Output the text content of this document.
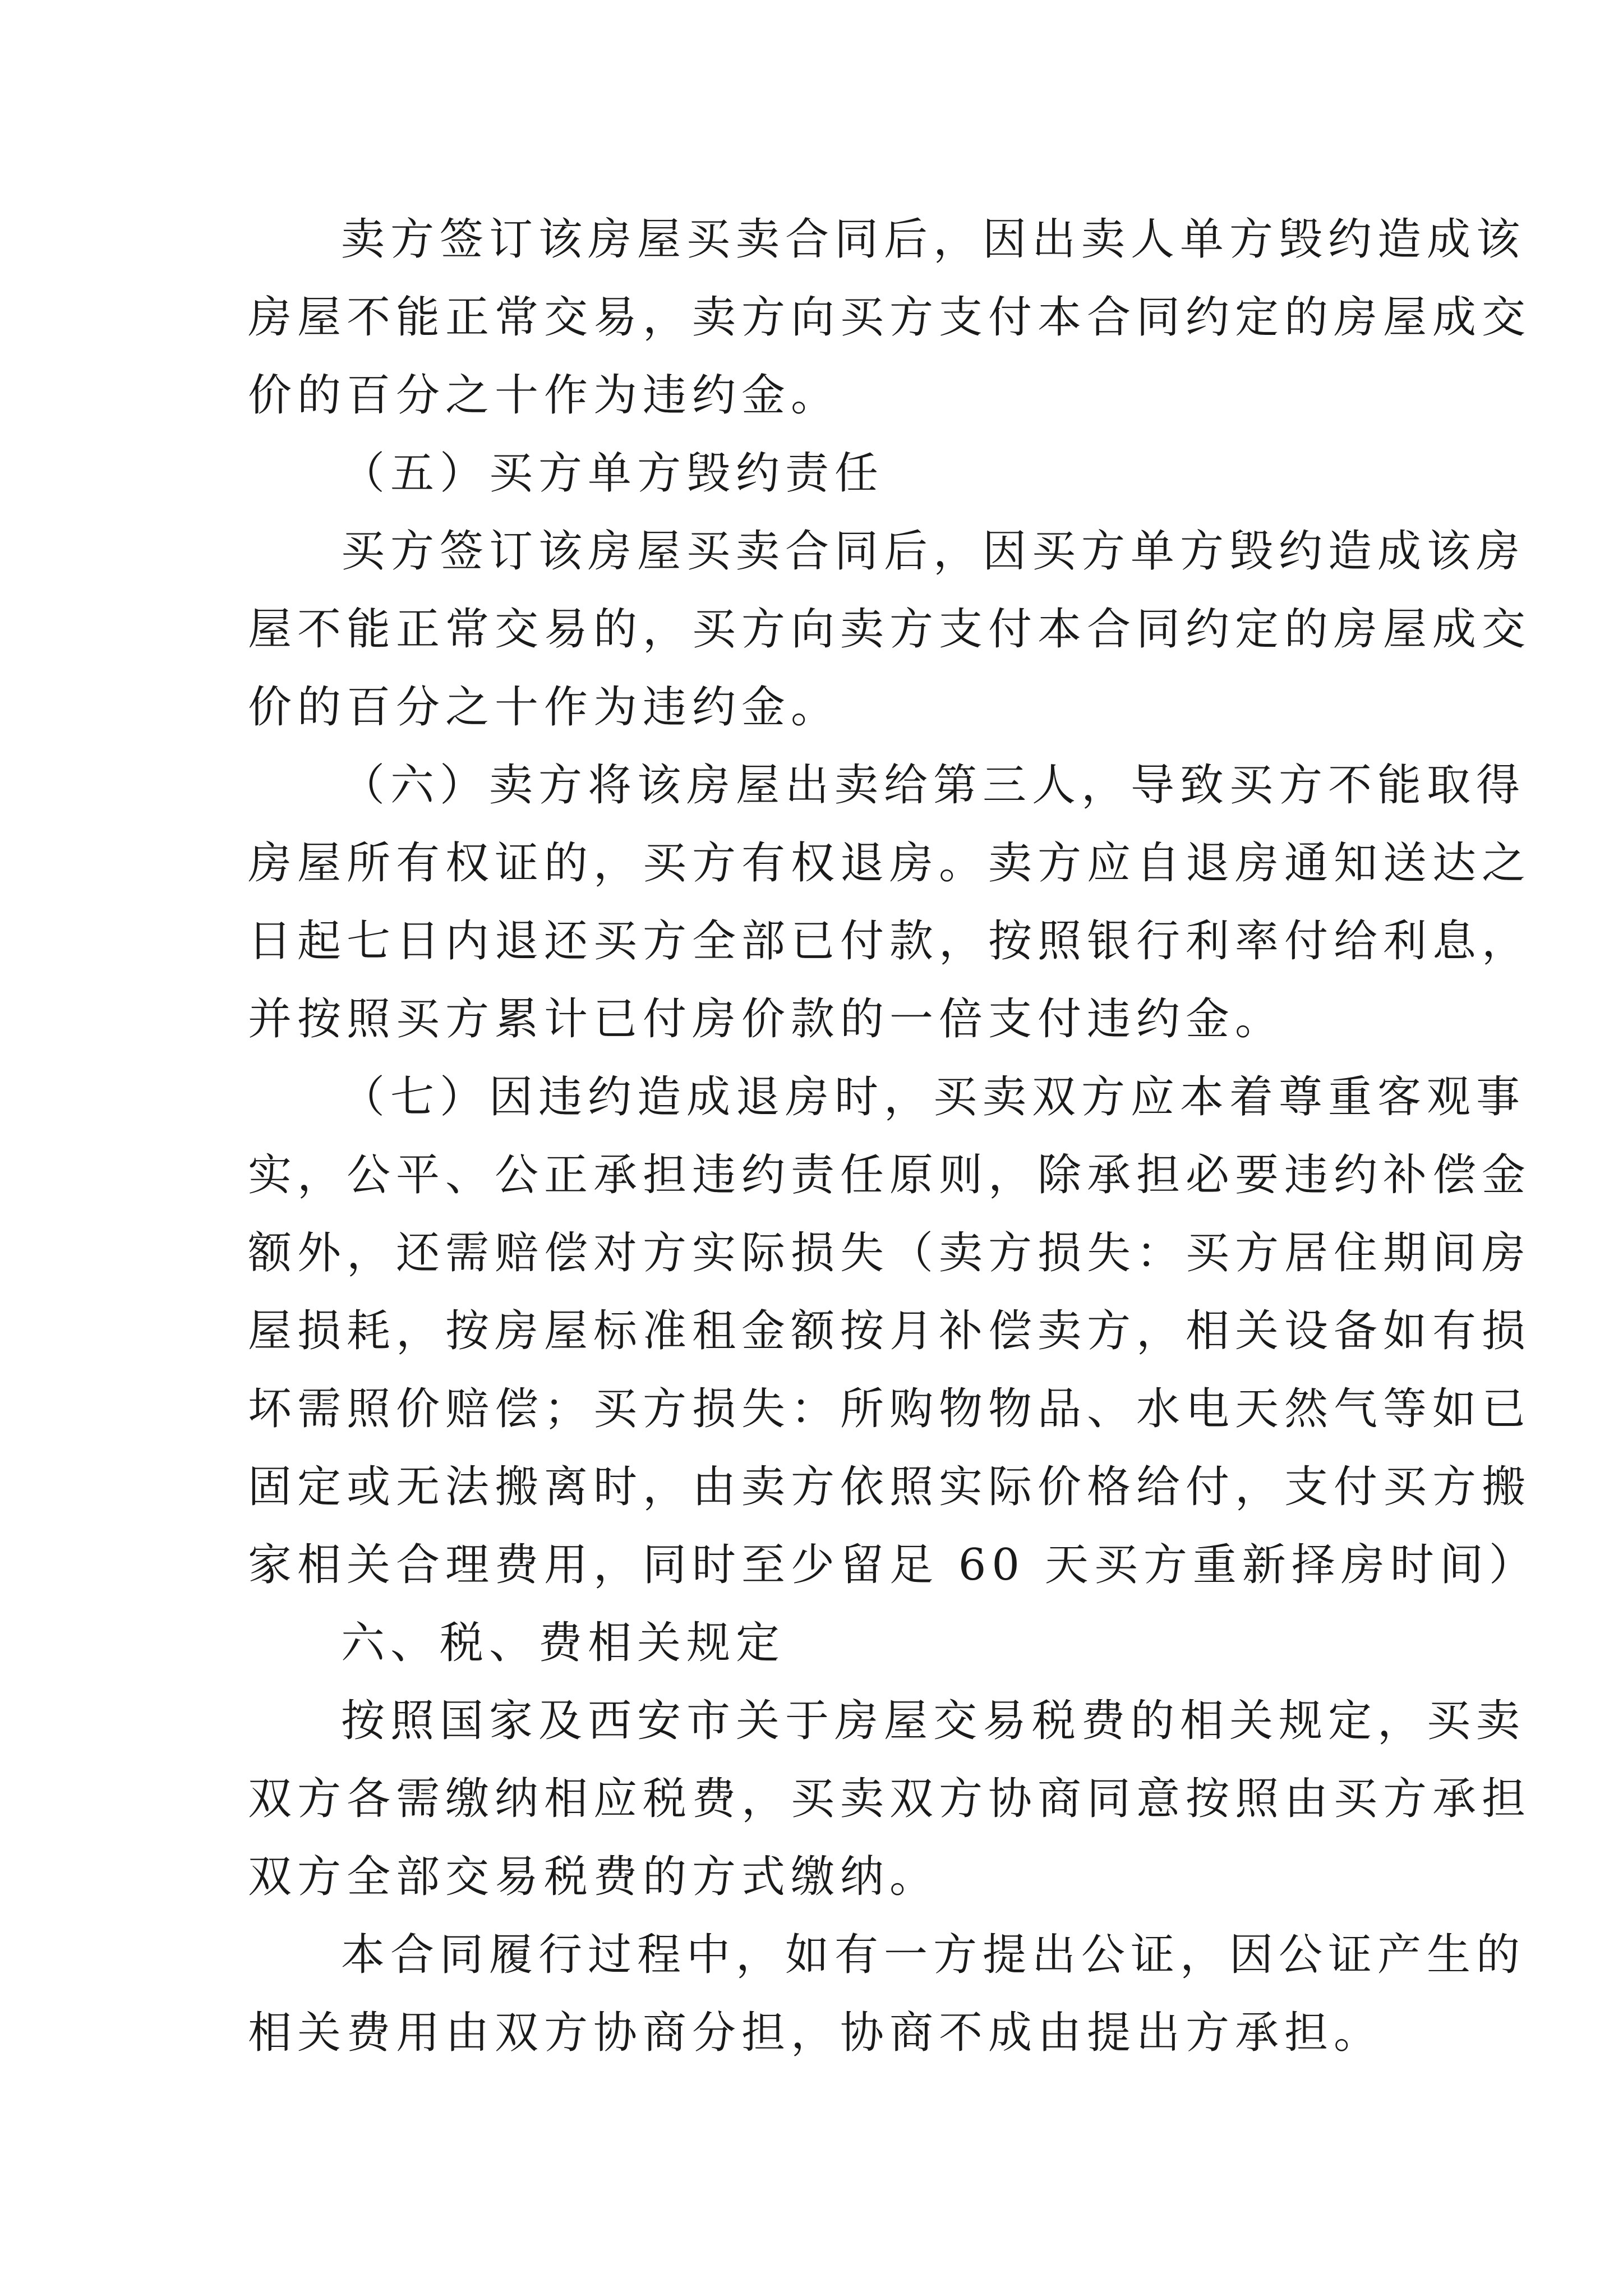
卖方签订该房屋买卖合同后，因出卖人单方毁约造成该
房屋不能正常交易，卖方向买方支付本合同约定的房屋成交
价的百分之十作为违约金。
（五）买方单方毁约责任
买方签订该房屋买卖合同后，因买方单方毁约造成该房
屋不能正常交易的，买方向卖方支付本合同约定的房屋成交
价的百分之十作为违约金。
（六）卖方将该房屋出卖给第三人，导致买方不能取得
房屋所有权证的，买方有权退房。卖方应自退房通知送达之
日起七日内退还买方全部已付款，按照银行利率付给利息，
并按照买方累计已付房价款的一倍支付违约金。
（七）因违约造成退房时，买卖双方应本着尊重客观事
实，公平、公正承担违约责任原则，除承担必要违约补偿金
额外，还需赔偿对方实际损失（卖方损失：买方居住期间房
屋损耗，按房屋标准租金额按月补偿卖方，相关设备如有损
坏需照价赔偿；买方损失：所购物物品、水电天然气等如已
固定或无法搬离时，由卖方依照实际价格给付，支付买方搬
家相关合理费用，同时至少留足 60 天买方重新择房时间）
六、税、费相关规定
按照国家及西安市关于房屋交易税费的相关规定，买卖
双方各需缴纳相应税费，买卖双方协商同意按照由买方承担
双方全部交易税费的方式缴纳。
本合同履行过程中，如有一方提出公证，因公证产生的
相关费用由双方协商分担，协商不成由提出方承担。
